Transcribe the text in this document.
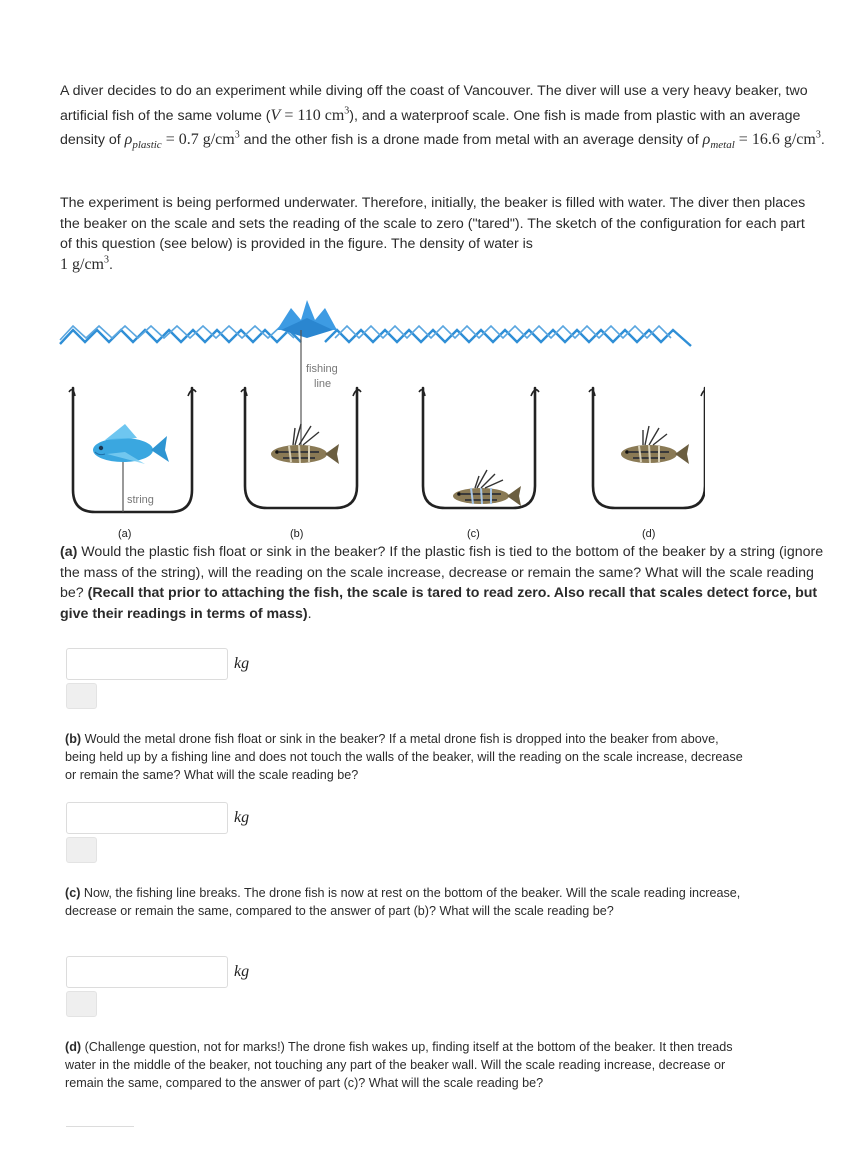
A diver decides to do an experiment while diving off the coast of Vancouver. The diver will use a very heavy beaker, two artificial fish of the same volume (V = 110 $cm^3$), and a waterproof scale. One fish is made from plastic with an average density of $\rho_{plastic} = 0.7$ $g/cm^3$ and the other fish is a drone made from metal with an average density of $\rho_{metal} = 16.6$ $g/cm^3$.
The experiment is being performed underwater. Therefore, initially, the beaker is filled with water. The diver then places the beaker on the scale and sets the reading of the scale to zero ("tared"). The sketch of the configuration for each part of this question (see below) is provided in the figure. The density of water is
1 $g/cm^3$.
fishing
line
string
(a)	(b)	(c)	(d)
(a) Would the plastic fish float or sink in the beaker? If the plastic fish is tied to the bottom of the beaker by a string (ignore the mass of the string), will the reading on the scale increase, decrease or remain the same? What will the scale reading be? (Recall that prior to attaching the fish, the scale is tared to read zero. Also recall that scales detect force, but give their readings in terms of mass).
kg
(b) Would the metal drone fish float or sink in the beaker? If a metal drone fish is dropped into the beaker from above, being held up by a fishing line and does not touch the walls of the beaker, will the reading on the scale increase, decrease or remain the same? What will the scale reading be?
kg
(c) Now, the fishing line breaks. The drone fish is now at rest on the bottom of the beaker. Will the scale reading increase, decrease or remain the same, compared to the answer of part (b)? What will the scale reading be?
kg
(d) (Challenge question, not for marks!) The drone fish wakes up, finding itself at the bottom of the beaker. It then treads water in the middle of the beaker, not touching any part of the beaker wall. Will the scale reading increase, decrease or remain the same, compared to the answer of part (c)? What will the scale reading be?
